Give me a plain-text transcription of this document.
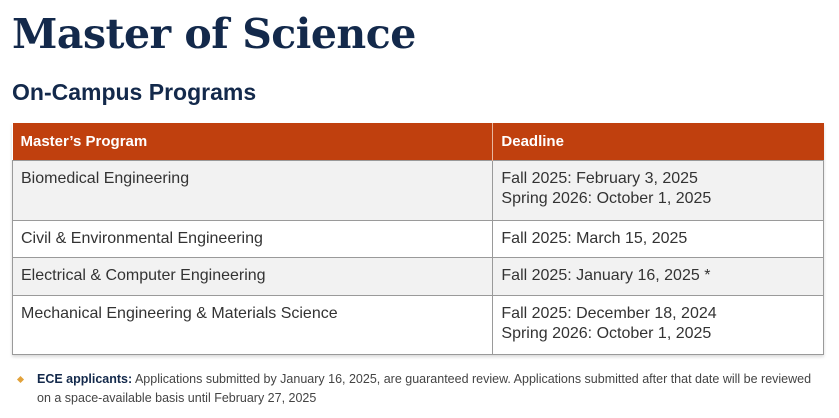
Master of Science
On-Campus Programs
Master’s Program	Deadline
Biomedical Engineering	Fall 2025: February 3, 2025
Spring 2026: October 1, 2025

Civil & Environmental Engineering	Fall 2025: March 15, 2025

Electrical & Computer Engineering	Fall 2025: January 16, 2025 *

Mechanical Engineering & Materials Science	Fall 2025: December 18, 2024
Spring 2026: October 1, 2025
ECE applicants: Applications submitted by January 16, 2025, are guaranteed review. Applications submitted after that date will be reviewed on a space-available basis until February 27, 2025
